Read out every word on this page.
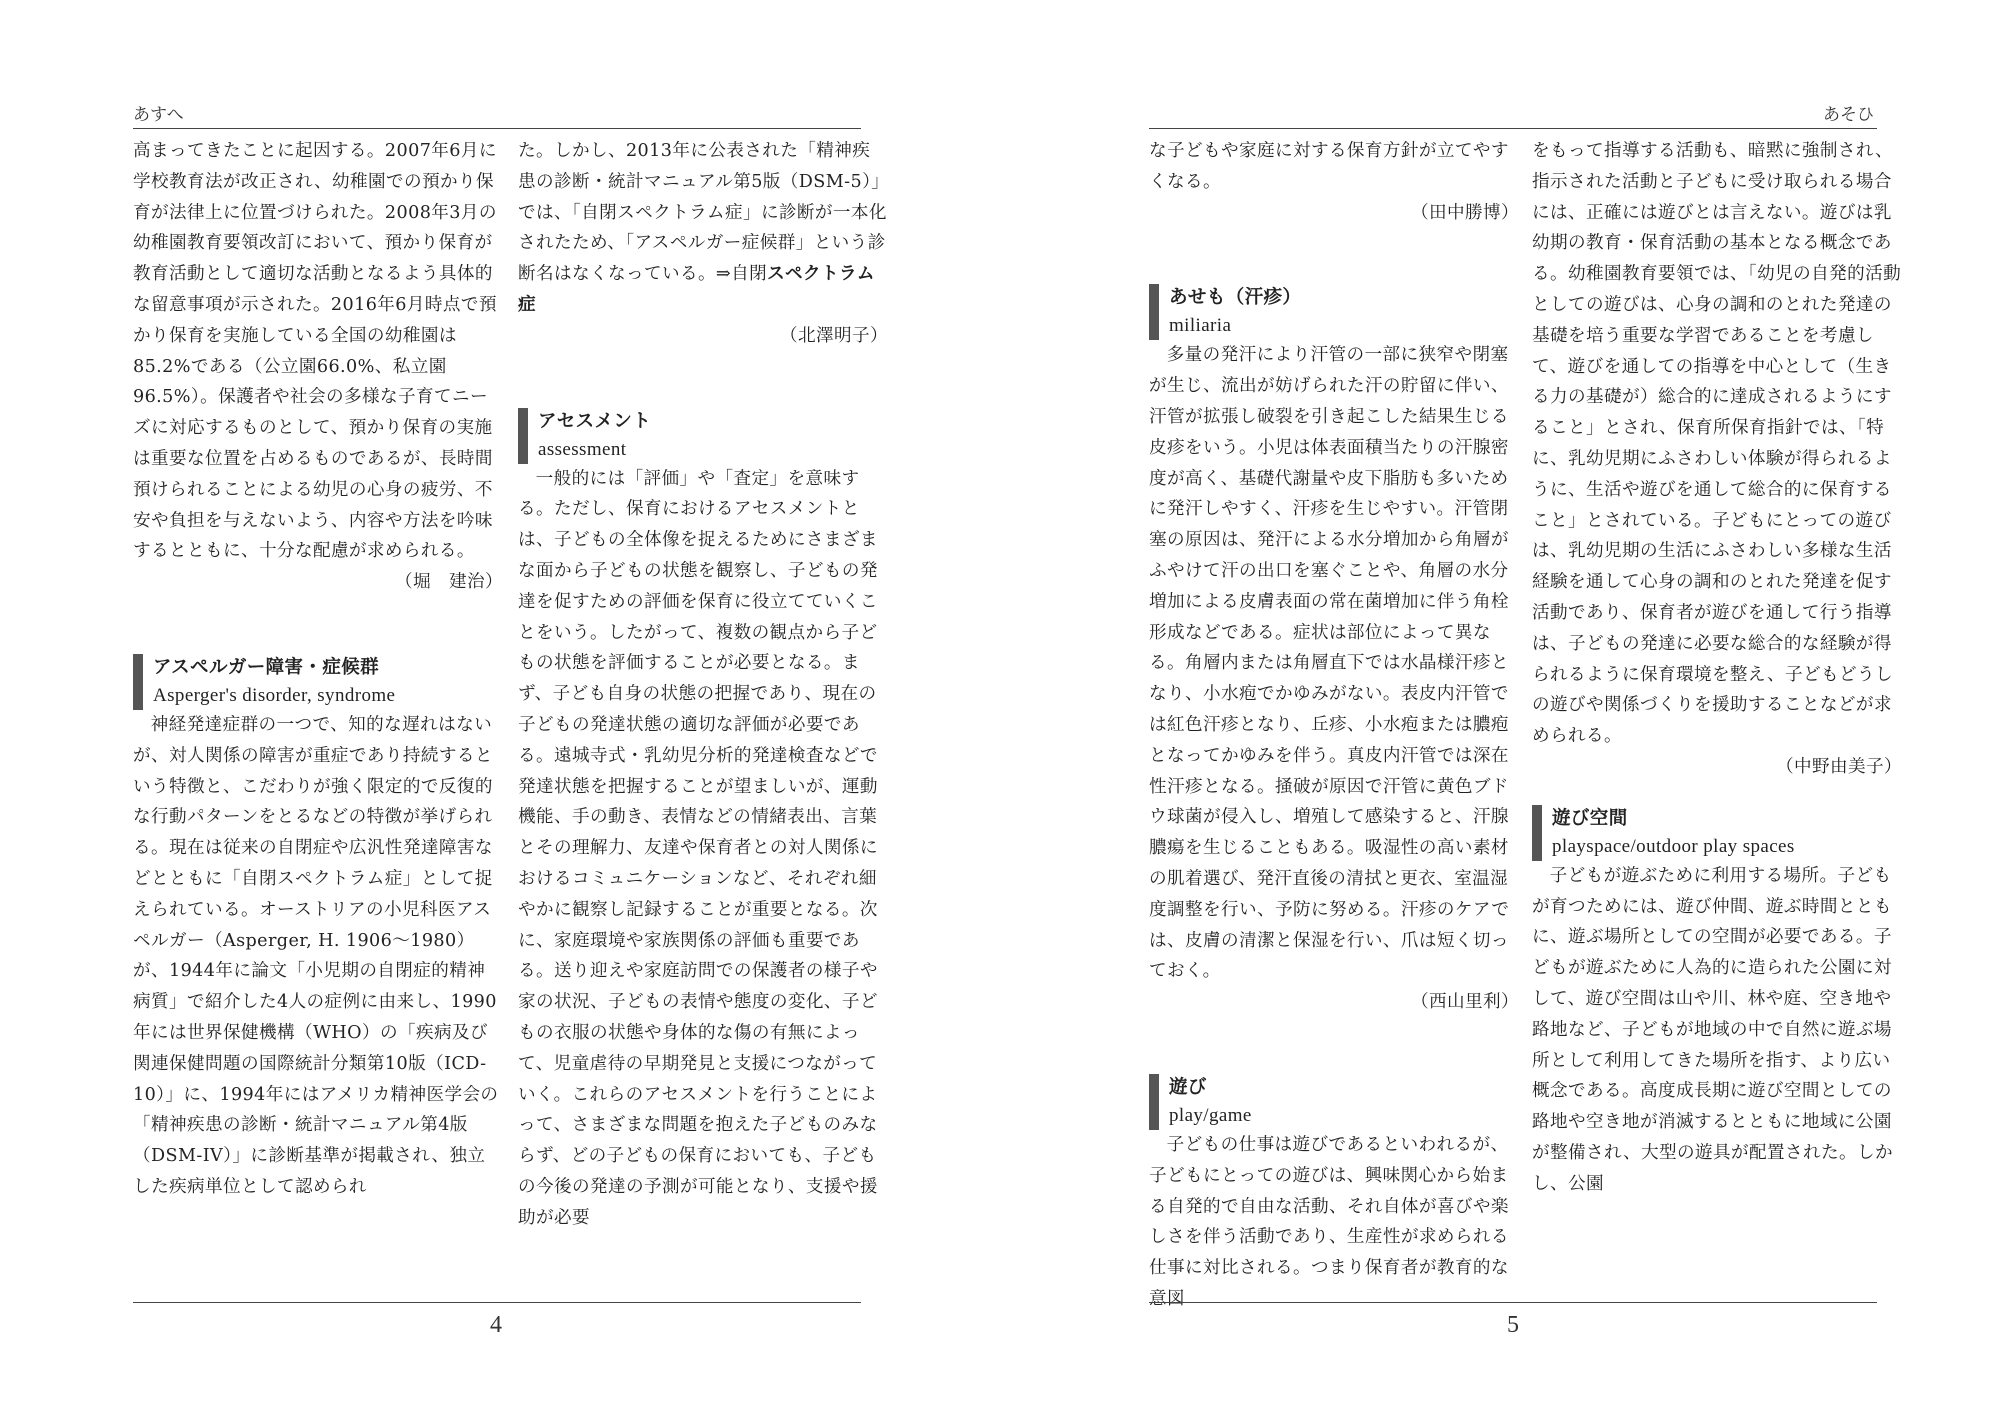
あすへ

高まってきたことに起因する。2007年6月に学校教育法が改正され、幼稚園での預かり保育が法律上に位置づけられた。2008年3月の幼稚園教育要領改訂において、預かり保育が教育活動として適切な活動となるよう具体的な留意事項が示された。2016年6月時点で預かり保育を実施している全国の幼稚園は85.2%である（公立園66.0%、私立園96.5%）。保護者や社会の多様な子育てニーズに対応するものとして、預かり保育の実施は重要な位置を占めるものであるが、長時間預けられることによる幼児の心身の疲労、不安や負担を与えないよう、内容や方法を吟味するとともに、十分な配慮が求められる。

（堀　建治）

アスペルガー障害・症候群
Asperger's disorder, syndrome

神経発達症群の一つで、知的な遅れはないが、対人関係の障害が重症であり持続するという特徴と、こだわりが強く限定的で反復的な行動パターンをとるなどの特徴が挙げられる。現在は従来の自閉症や広汎性発達障害などとともに「自閉スペクトラム症」として捉えられている。オーストリアの小児科医アスペルガー（Asperger, H. 1906〜1980）が、1944年に論文「小児期の自閉症的精神病質」で紹介した4人の症例に由来し、1990年には世界保健機構（WHO）の「疾病及び関連保健問題の国際統計分類第10版（ICD-10）」に、1994年にはアメリカ精神医学会の「精神疾患の診断・統計マニュアル第4版（DSM-IV）」に診断基準が掲載され、独立した疾病単位として認められ

た。しかし、2013年に公表された「精神疾患の診断・統計マニュアル第5版（DSM-5）」では、「自閉スペクトラム症」に診断が一本化されたため、「アスペルガー症候群」という診断名はなくなっている。⇒自閉スペクトラム症

（北澤明子）

アセスメント
assessment

一般的には「評価」や「査定」を意味する。ただし、保育におけるアセスメントとは、子どもの全体像を捉えるためにさまざまな面から子どもの状態を観察し、子どもの発達を促すための評価を保育に役立てていくことをいう。したがって、複数の観点から子どもの状態を評価することが必要となる。まず、子ども自身の状態の把握であり、現在の子どもの発達状態の適切な評価が必要である。遠城寺式・乳幼児分析的発達検査などで発達状態を把握することが望ましいが、運動機能、手の動き、表情などの情緒表出、言葉とその理解力、友達や保育者との対人関係におけるコミュニケーションなど、それぞれ細やかに観察し記録することが重要となる。次に、家庭環境や家族関係の評価も重要である。送り迎えや家庭訪問での保護者の様子や家の状況、子どもの表情や態度の変化、子どもの衣服の状態や身体的な傷の有無によって、児童虐待の早期発見と支援につながっていく。これらのアセスメントを行うことによって、さまざまな問題を抱えた子どものみならず、どの子どもの保育においても、子どもの今後の発達の予測が可能となり、支援や援助が必要

4
あそひ

な子どもや家庭に対する保育方針が立てやすくなる。

（田中勝博）

あせも（汗疹）
miliaria

多量の発汗により汗管の一部に狭窄や閉塞が生じ、流出が妨げられた汗の貯留に伴い、汗管が拡張し破裂を引き起こした結果生じる皮疹をいう。小児は体表面積当たりの汗腺密度が高く、基礎代謝量や皮下脂肪も多いために発汗しやすく、汗疹を生じやすい。汗管閉塞の原因は、発汗による水分増加から角層がふやけて汗の出口を塞ぐことや、角層の水分増加による皮膚表面の常在菌増加に伴う角栓形成などである。症状は部位によって異なる。角層内または角層直下では水晶様汗疹となり、小水疱でかゆみがない。表皮内汗管では紅色汗疹となり、丘疹、小水疱または膿疱となってかゆみを伴う。真皮内汗管では深在性汗疹となる。掻破が原因で汗管に黄色ブドウ球菌が侵入し、増殖して感染すると、汗腺膿瘍を生じることもある。吸湿性の高い素材の肌着選び、発汗直後の清拭と更衣、室温湿度調整を行い、予防に努める。汗疹のケアでは、皮膚の清潔と保湿を行い、爪は短く切っておく。

（西山里利）

遊び
play/game

子どもの仕事は遊びであるといわれるが、子どもにとっての遊びは、興味関心から始まる自発的で自由な活動、それ自体が喜びや楽しさを伴う活動であり、生産性が求められる仕事に対比される。つまり保育者が教育的な意図

をもって指導する活動も、暗黙に強制され、指示された活動と子どもに受け取られる場合には、正確には遊びとは言えない。遊びは乳幼期の教育・保育活動の基本となる概念である。幼稚園教育要領では、「幼児の自発的活動としての遊びは、心身の調和のとれた発達の基礎を培う重要な学習であることを考慮して、遊びを通しての指導を中心として（生きる力の基礎が）総合的に達成されるようにすること」とされ、保育所保育指針では、「特に、乳幼児期にふさわしい体験が得られるように、生活や遊びを通して総合的に保育すること」とされている。子どもにとっての遊びは、乳幼児期の生活にふさわしい多様な生活経験を通して心身の調和のとれた発達を促す活動であり、保育者が遊びを通して行う指導は、子どもの発達に必要な総合的な経験が得られるように保育環境を整え、子どもどうしの遊びや関係づくりを援助することなどが求められる。

（中野由美子）

遊び空間
playspace/outdoor play spaces

子どもが遊ぶために利用する場所。子どもが育つためには、遊び仲間、遊ぶ時間とともに、遊ぶ場所としての空間が必要である。子どもが遊ぶために人為的に造られた公園に対して、遊び空間は山や川、林や庭、空き地や路地など、子どもが地域の中で自然に遊ぶ場所として利用してきた場所を指す、より広い概念である。高度成長期に遊び空間としての路地や空き地が消滅するとともに地域に公園が整備され、大型の遊具が配置された。しかし、公園

5
